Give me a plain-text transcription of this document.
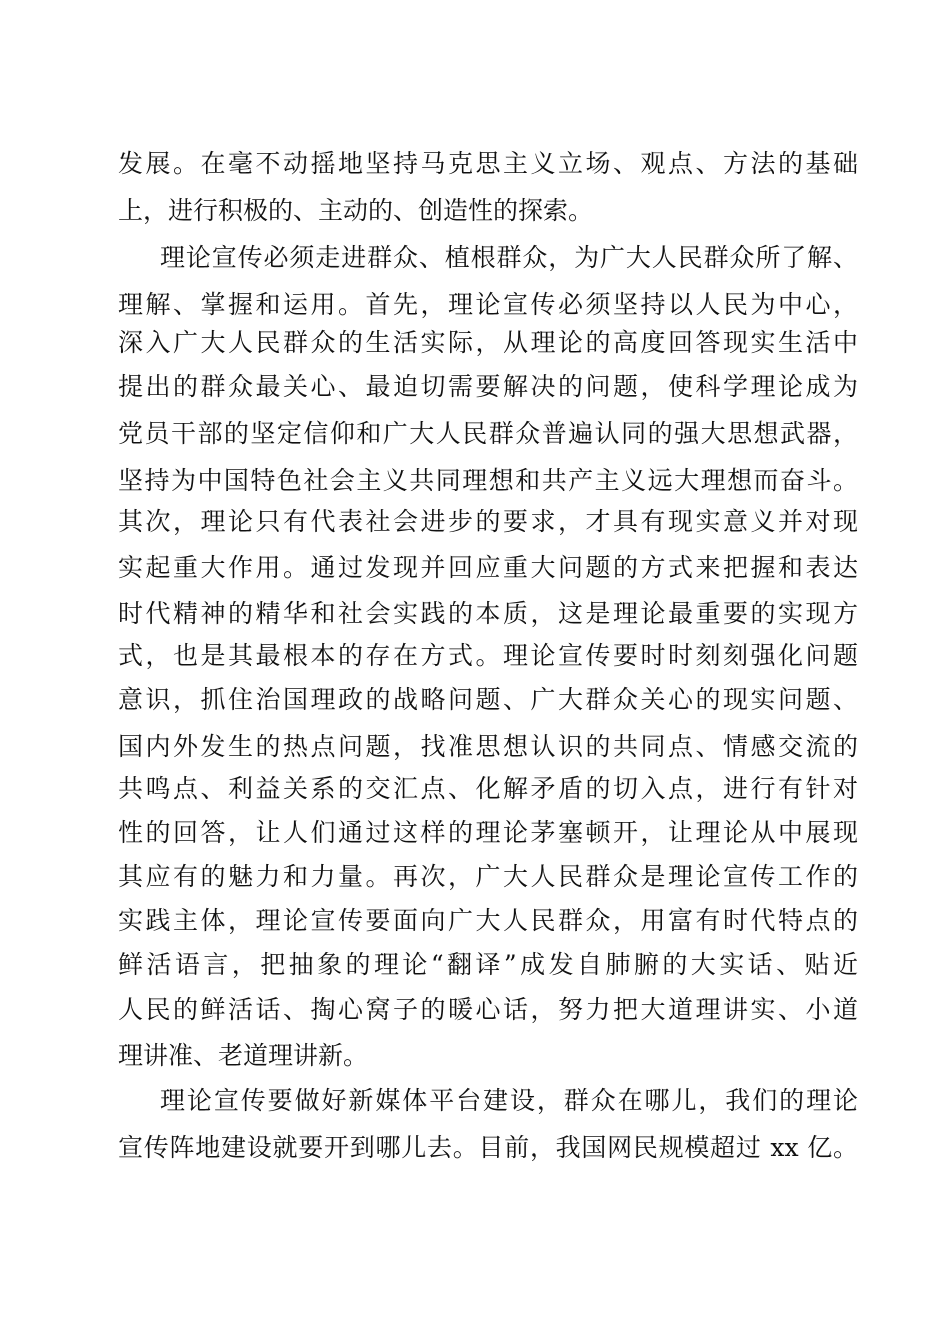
发展。在毫不动摇地坚持马克思主义立场、观点、方法的基础
上，进行积极的、主动的、创造性的探索。
理论宣传必须走进群众、植根群众，为广大人民群众所了解、
理解、掌握和运用。首先，理论宣传必须坚持以人民为中心，
深入广大人民群众的生活实际，从理论的高度回答现实生活中
提出的群众最关心、最迫切需要解决的问题，使科学理论成为
党员干部的坚定信仰和广大人民群众普遍认同的强大思想武器，
坚持为中国特色社会主义共同理想和共产主义远大理想而奋斗。
其次，理论只有代表社会进步的要求，才具有现实意义并对现
实起重大作用。通过发现并回应重大问题的方式来把握和表达
时代精神的精华和社会实践的本质，这是理论最重要的实现方
式，也是其最根本的存在方式。理论宣传要时时刻刻强化问题
意识，抓住治国理政的战略问题、广大群众关心的现实问题、
国内外发生的热点问题，找准思想认识的共同点、情感交流的
共鸣点、利益关系的交汇点、化解矛盾的切入点，进行有针对
性的回答，让人们通过这样的理论茅塞顿开，让理论从中展现
其应有的魅力和力量。再次，广大人民群众是理论宣传工作的
实践主体，理论宣传要面向广大人民群众，用富有时代特点的
鲜活语言，把抽象的理论“翻译”成发自肺腑的大实话、贴近
人民的鲜活话、掏心窝子的暖心话，努力把大道理讲实、小道
理讲准、老道理讲新。
理论宣传要做好新媒体平台建设，群众在哪儿，我们的理论
宣传阵地建设就要开到哪儿去。目前，我国网民规模超过 xx 亿。
